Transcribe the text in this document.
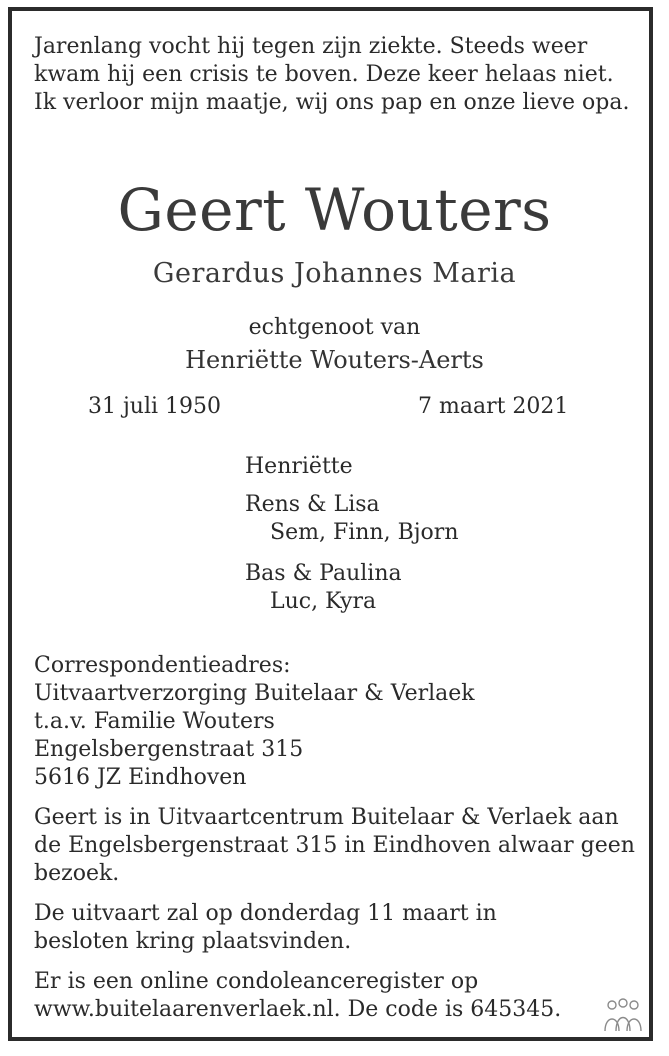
Jarenlang vocht hij tegen zijn ziekte. Steeds weer kwam hij een crisis te boven. Deze keer helaas niet. Ik verloor mijn maatje, wij ons pap en onze lieve opa.

Geert Wouters
Gerardus Johannes Maria
echtgenoot van
Henriëtte Wouters-Aerts
31 juli 1950	7 maart 2021
Henriëtte
Rens & Lisa
Sem, Finn, Bjorn
Bas & Paulina
Luc, Kyra
Correspondentieadres:
Uitvaartverzorging Buitelaar & Verlaek
t.a.v. Familie Wouters
Engelsbergenstraat 315
5616 JZ Eindhoven

Geert is in Uitvaartcentrum Buitelaar & Verlaek aan de Engelsbergenstraat 315 in Eindhoven alwaar geen bezoek.

De uitvaart zal op donderdag 11 maart in besloten kring plaatsvinden.

Er is een online condoleanceregister op www.buitelaarenverlaek.nl. De code is 645345.
